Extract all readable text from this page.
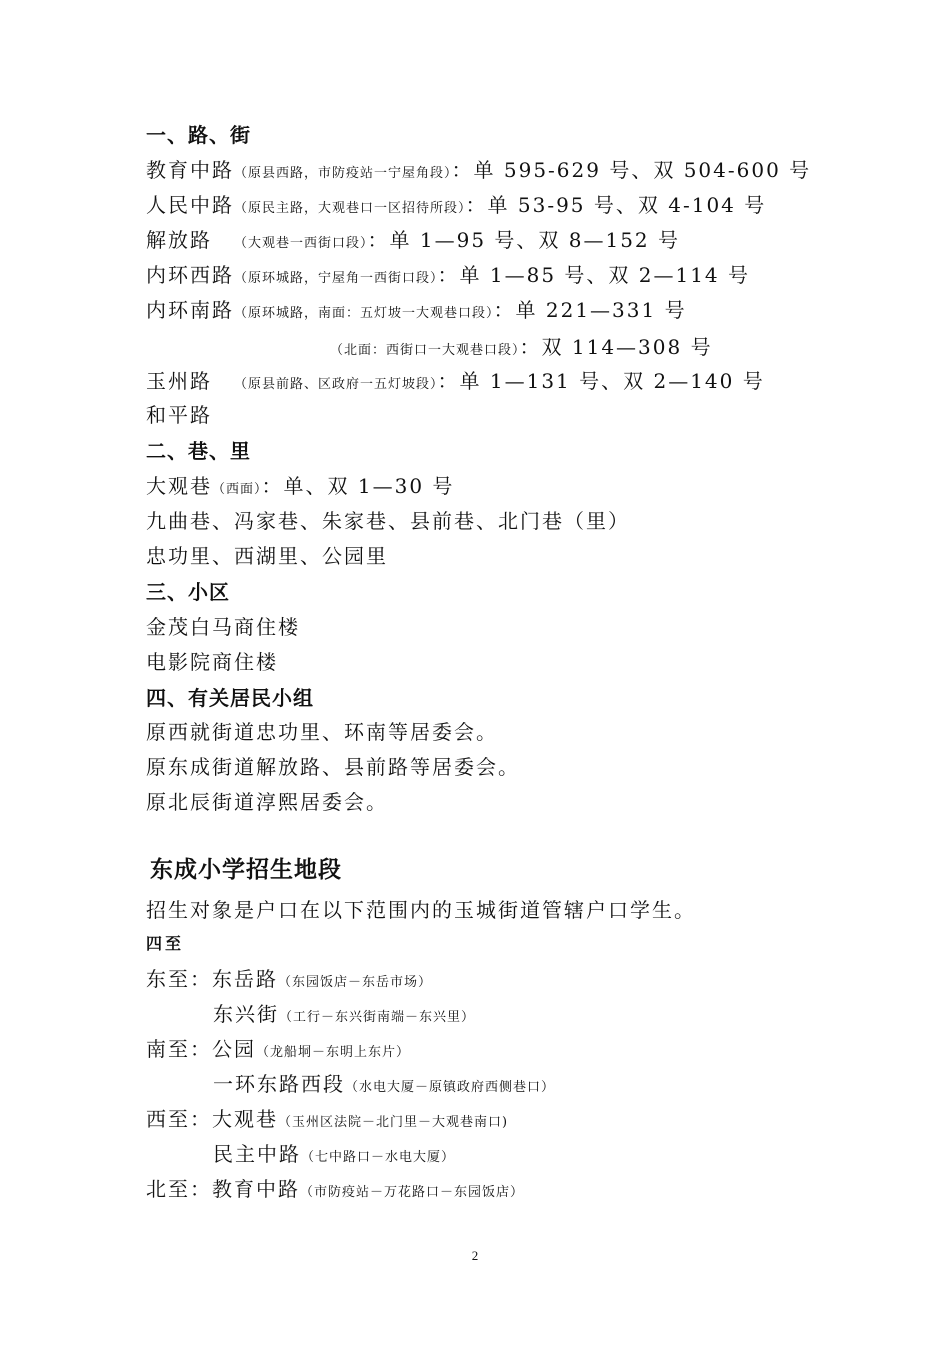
一、路、街
教育中路（原县西路，市防疫站一宁屋角段）：单 595-629 号、双 504-600 号
人民中路（原民主路，大观巷口一区招待所段）：单 53-95 号、双 4-104 号
解放路 （大观巷一西街口段）：单 1—95 号、双 8—152 号
内环西路（原环城路，宁屋角一西街口段）：单 1—85 号、双 2—114 号
内环南路（原环城路，南面：五灯坡一大观巷口段）：单 221—331 号
（北面：西街口一大观巷口段）：双 114—308 号
玉州路 （原县前路、区政府一五灯坡段）：单 1—131 号、双 2—140 号
和平路
二、巷、里
大观巷（西面）：单、双 1—30 号
九曲巷、冯家巷、朱家巷、县前巷、北门巷（里）
忠功里、西湖里、公园里
三、小区
金茂白马商住楼
电影院商住楼
四、有关居民小组
原西就街道忠功里、环南等居委会。
原东成街道解放路、县前路等居委会。
原北辰街道淳熙居委会。
东成小学招生地段
招生对象是户口在以下范围内的玉城街道管辖户口学生。
四至
东至：东岳路（东园饭店－东岳市场）
东兴街（工行－东兴街南端－东兴里）
南至：公园（龙船垌－东明上东片）
一环东路西段（水电大厦－原镇政府西侧巷口）
西至：大观巷（玉州区法院－北门里－大观巷南口)
民主中路（七中路口－水电大厦）
北至：教育中路（市防疫站－万花路口－东园饭店）
2
